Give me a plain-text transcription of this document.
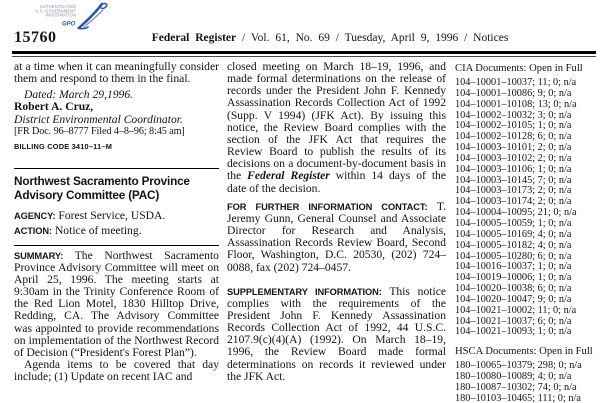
AUTHENTICATED
U.S. GOVERNMENT
INFORMATION
GPO
15760	Federal Register / Vol. 61, No. 69 / Tuesday, April 9, 1996 / Notices

at a time when it can meaningfully consider them and respond to them in the final.

Dated: March 29,1996.

Robert A. Cruz,

District Environmental Coordinator.

[FR Doc. 96–8777 Filed 4–8–96; 8:45 am]

BILLING CODE 3410–11–M

Northwest Sacramento Province Advisory Committee (PAC)

AGENCY: Forest Service, USDA.

ACTION: Notice of meeting.

SUMMARY: The Northwest Sacramento Province Advisory Committee will meet on April 25, 1996. The meeting starts at 9:30am in the Trinity Conference Room of the Red Lion Motel, 1830 Hilltop Drive, Redding, CA. The Advisory Committee was appointed to provide recommendations on implementation of the Northwest Record of Decision (“President's Forest Plan”).

Agenda items to be covered that day include; (1) Update on recent IAC and

closed meeting on March 18–19, 1996, and made formal determinations on the release of records under the President John F. Kennedy Assassination Records Collection Act of 1992 (Supp. V 1994) (JFK Act). By issuing this notice, the Review Board complies with the section of the JFK Act that requires the Review Board to publish the results of its decisions on a document-by-document basis in the Federal Register within 14 days of the date of the decision.

FOR FURTHER INFORMATION CONTACT: T. Jeremy Gunn, General Counsel and Associate Director for Research and Analysis, Assassination Records Review Board, Second Floor, Washington, D.C. 20530, (202) 724–0088, fax (202) 724–0457.

SUPPLEMENTARY INFORMATION: This notice complies with the requirements of the President John F. Kennedy Assassination Records Collection Act of 1992, 44 U.S.C. 2107.9(c)(4)(A) (1992). On March 18–19, 1996, the Review Board made formal determinations on records it reviewed under the JFK Act.

CIA Documents: Open in Full

104–10001–10037; 11; 0; n/a
104–10001–10086; 9; 0; n/a
104–10001–10108; 13; 0; n/a
104–10002–10032; 3; 0; n/a
104–10002–10105; 1; 0; n/a
104–10002–10128; 6; 0; n/a
104–10003–10101; 2; 0; n/a
104–10003–10102; 2; 0; n/a
104–10003–10106; 1; 0; n/a
104–10003–10145; 7; 0; n/a
104–10003–10173; 2; 0; n/a
104–10003–10174; 2; 0; n/a
104–10004–10095; 21; 0; n/a
104–10005–10059; 1; 0; n/a
104–10005–10169; 4; 0; n/a
104–10005–10182; 4; 0; n/a
104–10005–10280; 6; 0; n/a
104–10016–10037; 1; 0; n/a
104–10019–10006; 1; 0; n/a
104–10020–10038; 6; 0; n/a
104–10020–10047; 9; 0; n/a
104–10021–10002; 11; 0; n/a
104–10021–10037; 6; 0; n/a
104–10021–10093; 1; 0; n/a

HSCA Documents: Open in Full

180–10065–10379; 298; 0; n/a
180–10080–10089; 4; 0; n/a
180–10087–10302; 74; 0; n/a
180–10103–10465; 111; 0; n/a
